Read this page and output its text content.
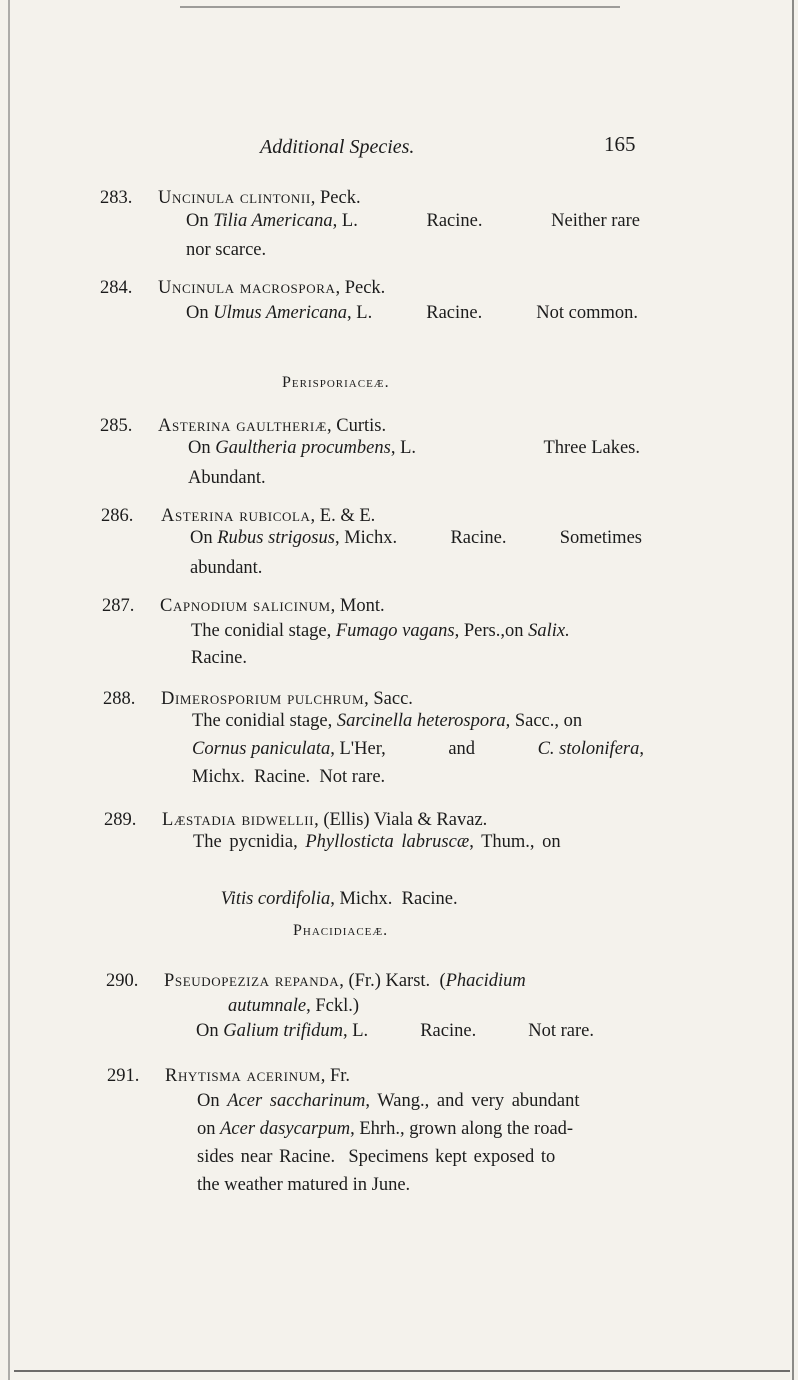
Additional Species.	165
283. Uncinula clintonii, Peck.
On Tilia Americana, L.	Racine.	Neither rare
nor scarce.
284. Uncinula macrospora, Peck.
On Ulmus Americana, L.	Racine.	Not common.
Perisporiaceæ.
285. Asterina gaultheriæ, Curtis.
On Gaultheria procumbens, L.	Three Lakes.
Abundant.
286. Asterina rubicola, E. & E.
On Rubus strigosus, Michx.	Racine.	Sometimes
abundant.
287. Capnodium salicinum, Mont.
The conidial stage, Fumago vagans, Pers.,on Salix.
Racine.
288. Dimerosporium pulchrum, Sacc.
The conidial stage, Sarcinella heterospora, Sacc., on
Cornus paniculata, L'Her,	and	C. stolonifera,
Michx.  Racine.  Not rare.
289. Læstadia bidwellii, (Ellis) Viala & Ravaz.
The pycnidia, Phyllosticta labruscæ, Thum., on

Vitis cordifolia, Michx.  Racine.

Phacidiaceæ.
290. Pseudopeziza repanda, (Fr.) Karst. (Phacidium
autumnale, Fckl.)
On Galium trifidum, L.	Racine.	Not rare.
291. Rhytisma acerinum, Fr.
On Acer saccharinum, Wang., and very abundant
on Acer dasycarpum, Ehrh., grown along the road-
sides near Racine.  Specimens kept exposed to
the weather matured in June.
